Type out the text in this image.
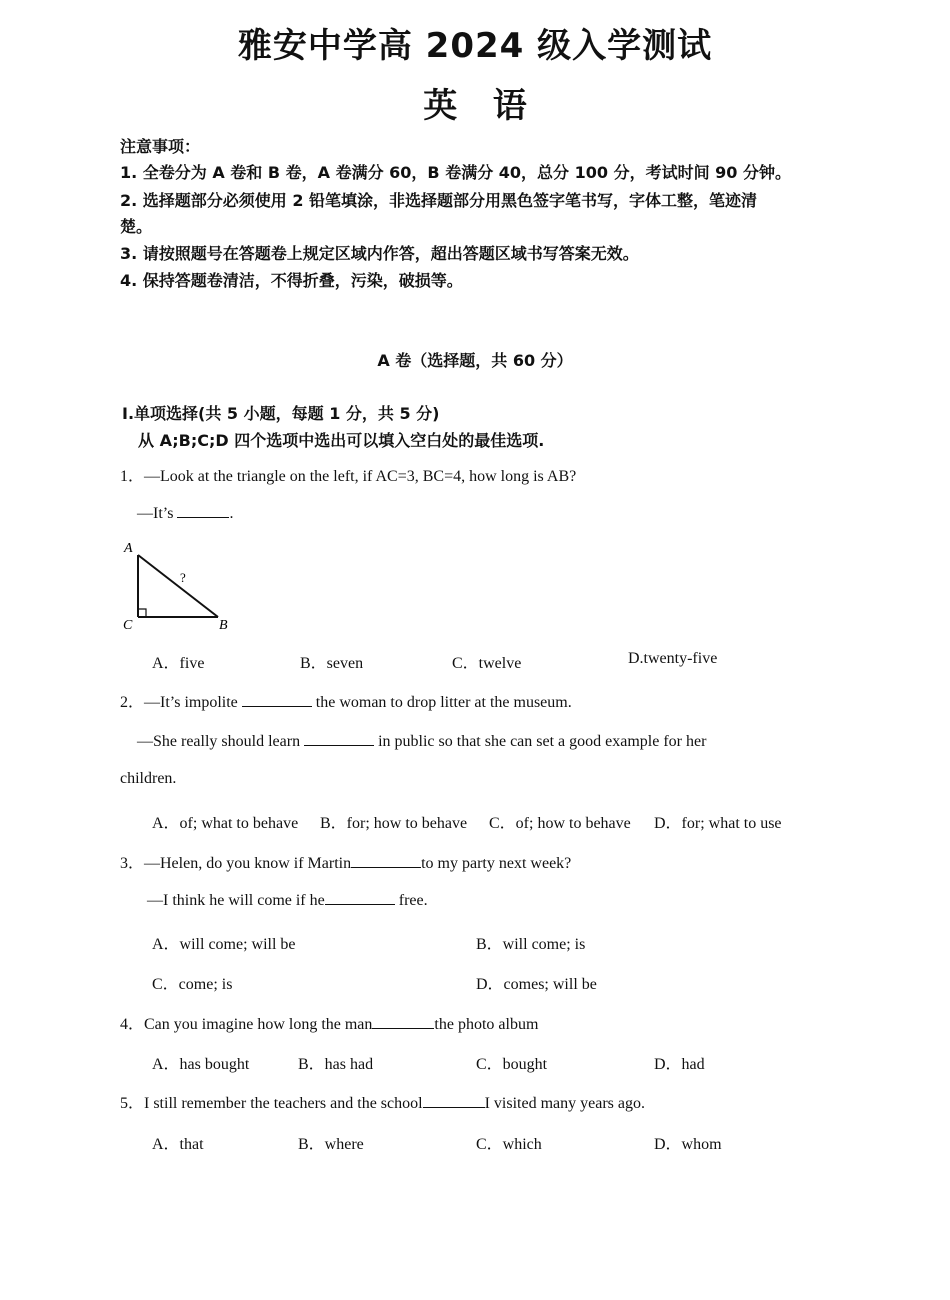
雅安中学高 2024 级入学测试
英   语
注意事项：
1. 全卷分为 A 卷和 B 卷，A 卷满分 60，B 卷满分 40，总分 100 分，考试时间 90 分钟。
2. 选择题部分必须使用 2 铅笔填涂，非选择题部分用黑色签字笔书写，字体工整，笔迹清
楚。
3. 请按照题号在答题卷上规定区域内作答，超出答题区域书写答案无效。
4. 保持答题卷清洁，不得折叠，污染，破损等。
A 卷（选择题，共 60 分）
Ⅰ.单项选择(共 5 小题，每题 1 分，共 5 分)
从 A;B;C;D 四个选项中选出可以填入空白处的最佳选项.
1．—Look at the triangle on the left, if AC=3, BC=4, how long is AB?
—It’s	.
A
C	B
?
A．five	B．seven	C．twelve	D.twenty-five
2．—It’s impolite	the woman to drop litter at the museum.
—She really should learn	in public so that she can set a good example for her
children.
A．of; what to behave B．for; how to behave C．of; how to behave D．for; what to use
3．—Helen, do you know if Martin	to my party next week?
—I think he will come if he	free.
A．will come; will be	B．will come; is
C．come; is	D．comes; will be
4．Can you imagine how long the man	the photo album
A．has bought	B．has had	C．bought	D．had
5．I still remember the teachers and the school	I visited many years ago.
A．that	B．where	C．which	D．whom
